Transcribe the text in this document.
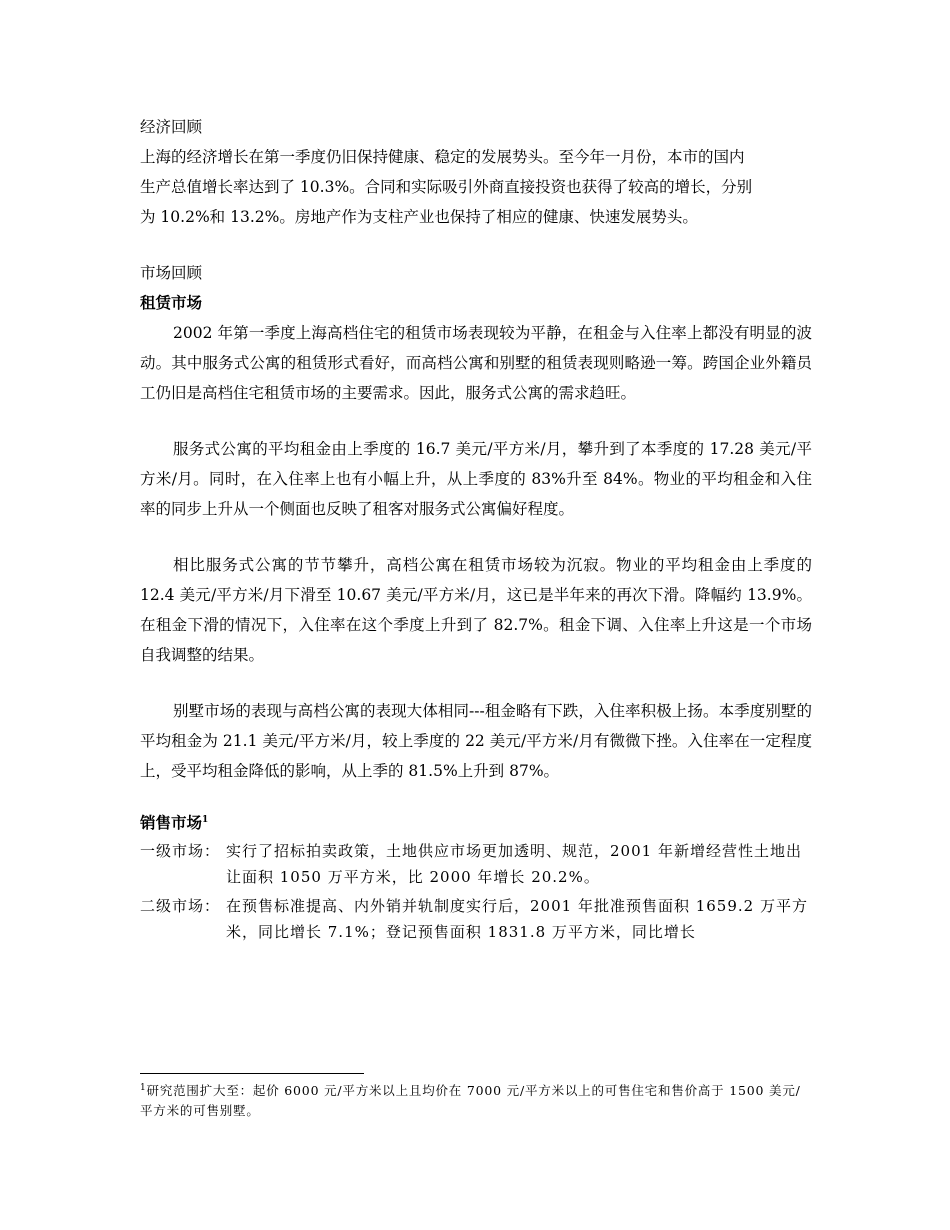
经济回顾

上海的经济增长在第一季度仍旧保持健康、稳定的发展势头。至今年一月份，本市的国内

生产总值增长率达到了 10.3%。合同和实际吸引外商直接投资也获得了较高的增长，分别

为 10.2%和 13.2%。房地产作为支柱产业也保持了相应的健康、快速发展势头。

市场回顾

租赁市场

2002 年第一季度上海高档住宅的租赁市场表现较为平静，在租金与入住率上都没有明显的波动。其中服务式公寓的租赁形式看好，而高档公寓和别墅的租赁表现则略逊一筹。跨国企业外籍员工仍旧是高档住宅租赁市场的主要需求。因此，服务式公寓的需求趋旺。

服务式公寓的平均租金由上季度的 16.7 美元/平方米/月，攀升到了本季度的 17.28 美元/平方米/月。同时，在入住率上也有小幅上升，从上季度的 83%升至 84%。物业的平均租金和入住率的同步上升从一个侧面也反映了租客对服务式公寓偏好程度。

相比服务式公寓的节节攀升，高档公寓在租赁市场较为沉寂。物业的平均租金由上季度的 12.4 美元/平方米/月下滑至 10.67 美元/平方米/月，这已是半年来的再次下滑。降幅约 13.9%。在租金下滑的情况下，入住率在这个季度上升到了 82.7%。租金下调、入住率上升这是一个市场自我调整的结果。

别墅市场的表现与高档公寓的表现大体相同---租金略有下跌，入住率积极上扬。本季度别墅的平均租金为 21.1 美元/平方米/月，较上季度的 22 美元/平方米/月有微微下挫。入住率在一定程度上，受平均租金降低的影响，从上季的 81.5%上升到 87%。

销售市场$^1$

一级市场： 实行了招标拍卖政策，土地供应市场更加透明、规范，2001 年新增经营性土地出让面积 1050 万平方米，比 2000 年增长 20.2%。
二级市场： 在预售标准提高、内外销并轨制度实行后，2001 年批准预售面积 1659.2 万平方米，同比增长 7.1%；登记预售面积 1831.8 万平方米，同比增长
$^1$研究范围扩大至：起价 6000 元/平方米以上且均价在 7000 元/平方米以上的可售住宅和售价高于 1500 美元/平方米的可售别墅。
